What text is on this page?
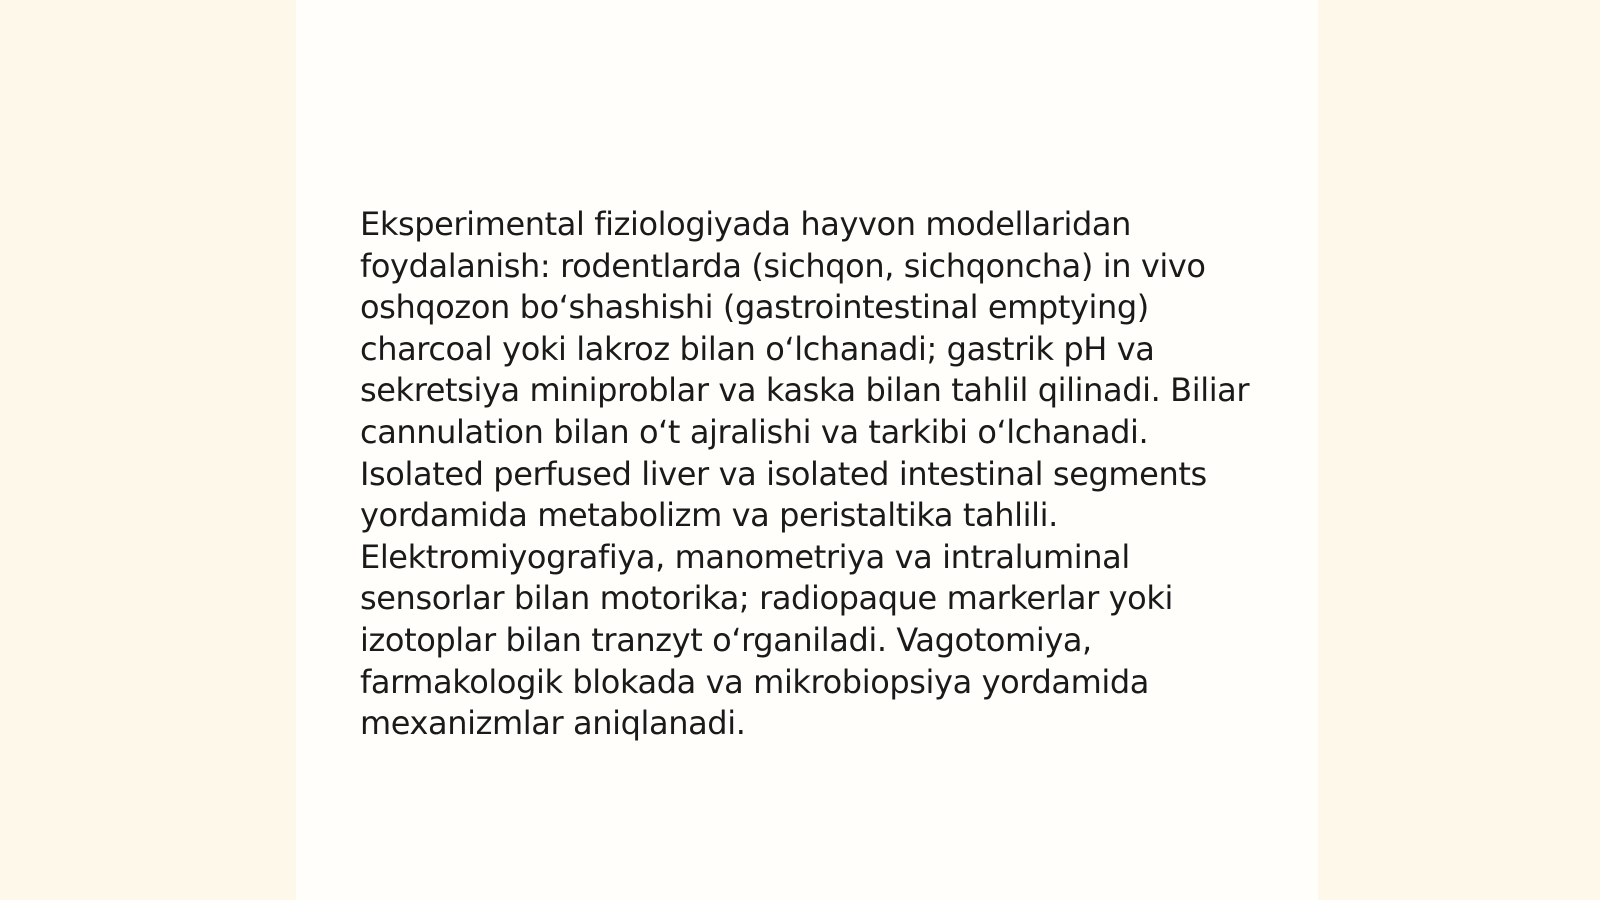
Eksperimental fiziologiyada hayvon modellaridan foydalanish: rodentlarda (sichqon, sichqoncha) in vivo oshqozon bo‘shashishi (gastrointestinal emptying) charcoal yoki lakroz bilan o‘lchanadi; gastrik pH va sekretsiya miniproblar va kaska bilan tahlil qilinadi. Biliar cannulation bilan o‘t ajralishi va tarkibi o‘lchanadi. Isolated perfused liver va isolated intestinal segments yordamida metabolizm va peristaltika tahlili. Elektromiyografiya, manometriya va intraluminal sensorlar bilan motorika; radiopaque markerlar yoki izotoplar bilan tranzyt o‘rganiladi. Vagotomiya, farmakologik blokada va mikrobiopsiya yordamida mexanizmlar aniqlanadi.
